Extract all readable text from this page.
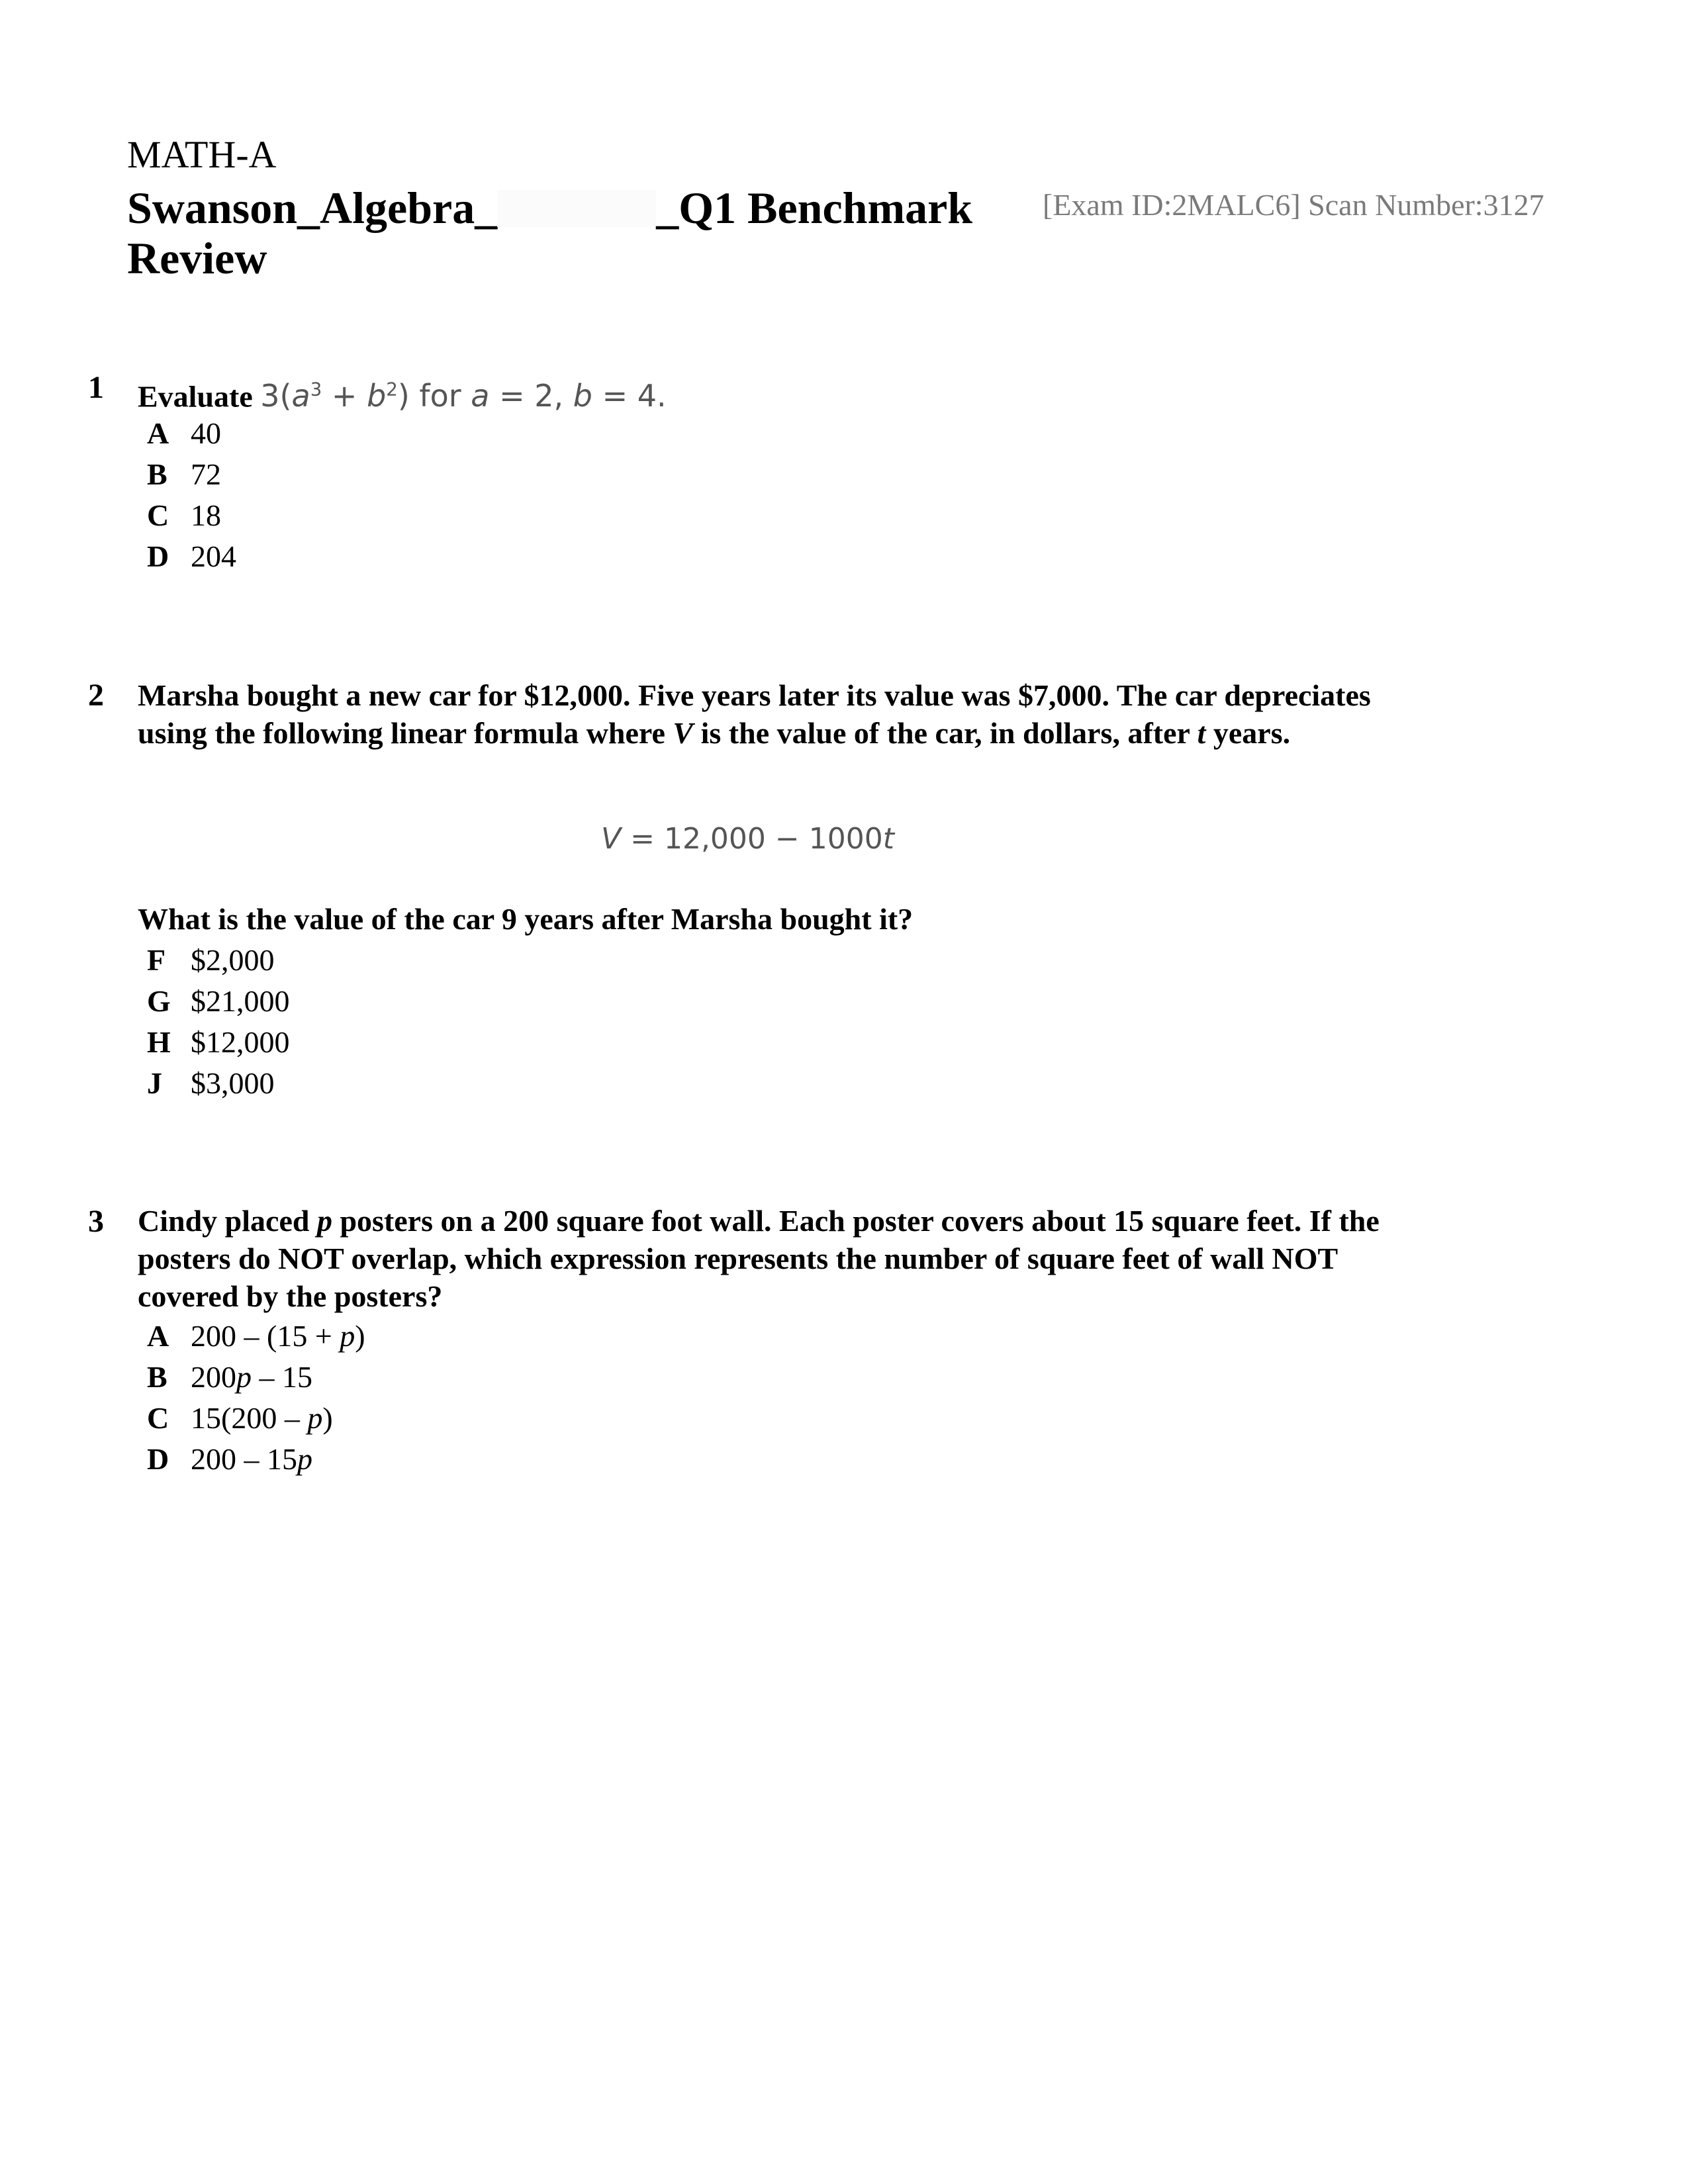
MATH-A
Swanson_Algebra_	_Q1 Benchmark
Review
[Exam ID:2MALC6] Scan Number:3127
1 Evaluate $3(a^3 + b^2)$ for a = 2, b = 4.
A 40
B 72
C 18
D 204
2 Marsha bought a new car for $12,000. Five years later its value was $7,000. The car depreciates using the following linear formula where V is the value of the car, in dollars, after t years.
V = 12,000 − 1000t
What is the value of the car 9 years after Marsha bought it?
F $2,000
G $21,000
H $12,000
J $3,000
3 Cindy placed p posters on a 200 square foot wall. Each poster covers about 15 square feet. If the posters do NOT overlap, which expression represents the number of square feet of wall NOT covered by the posters?
A 200 – (15 + p)
B 200p – 15
C 15(200 – p)
D 200 – 15p
